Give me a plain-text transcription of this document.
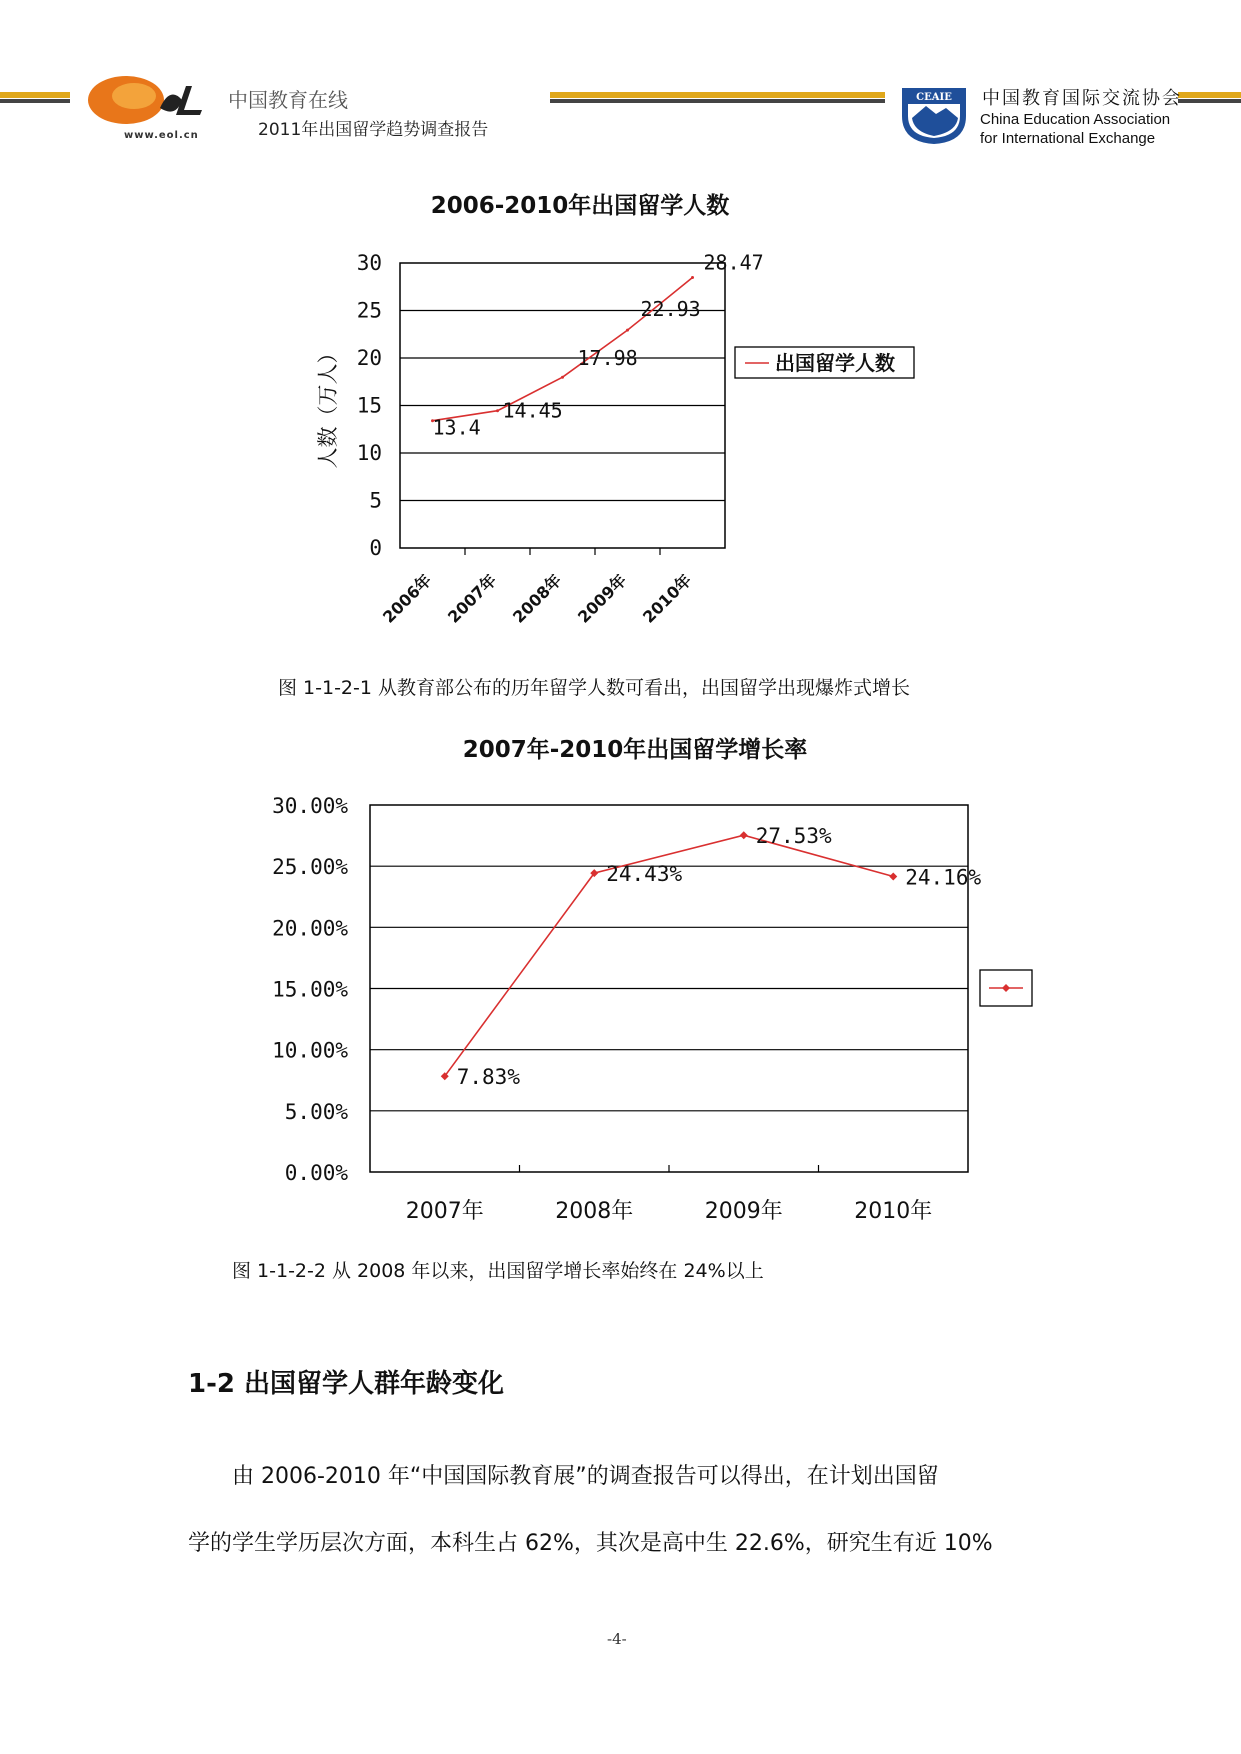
www.eol.cn
中国教育在线
2011年出国留学趋势调查报告
CEAIE 中国教育国际交流协会
China Education Association
for International Exchange
2006-2010年出国留学人数
0
5
10
15
20
25
30
2006年 2007年 2008年 2009年 2010年
人数（万人）	13.4
14.45
17.98
22.93
28.47
出国留学人数
图 1-1-2-1 从教育部公布的历年留学人数可看出，出国留学出现爆炸式增长
2007年-2010年出国留学增长率
0.00%
5.00%
10.00%
15.00%
20.00%
25.00%
30.00%
2007年	2008年	2009年	2010年
7.83%
24.43%
27.53%
24.16%
图 1-1-2-2 从 2008 年以来，出国留学增长率始终在 24%以上
1-2 出国留学人群年龄变化
由 2006-2010 年“中国国际教育展”的调查报告可以得出，在计划出国留
学的学生学历层次方面，本科生占 62%，其次是高中生 22.6%，研究生有近 10%
-4-
